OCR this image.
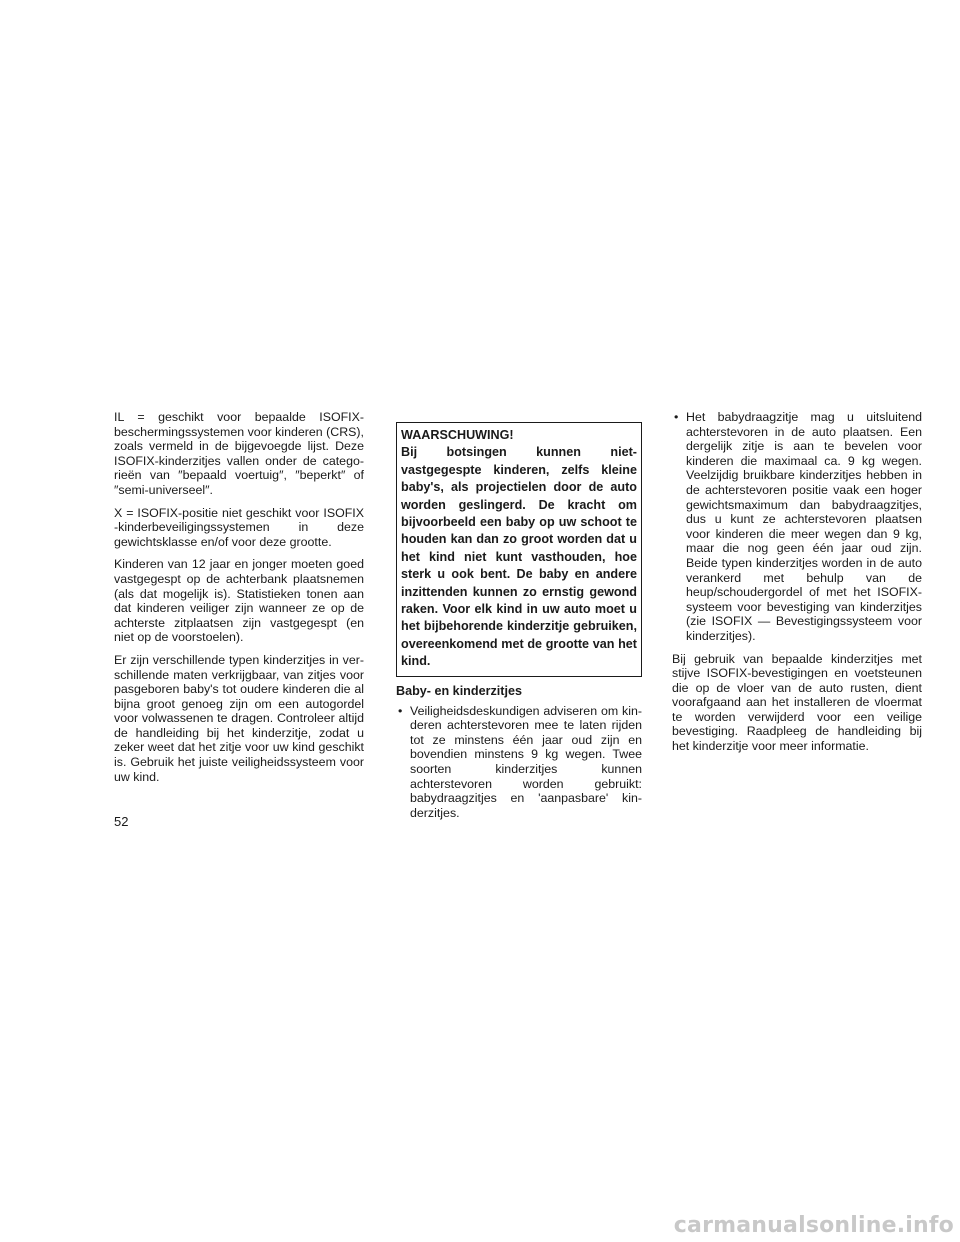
IL = geschikt voor bepaalde ISOFIX-beschermingssystemen voor kinderen (CRS), zoals vermeld in de bijgevoegde lijst. Deze ISOFIX-kinderzitjes vallen onder de categorieën van ″bepaald voertuig″, ″beperkt″ of ″semi-universeel″.

X = ISOFIX-positie niet geschikt voor ISOFIX -kinderbeveiligingssystemen in deze gewichtsklasse en/of voor deze grootte.

Kinderen van 12 jaar en jonger moeten goed vastgegespt op de achterbank plaatsnemen (als dat mogelijk is). Statistieken tonen aan dat kinderen veiliger zijn wanneer ze op de achterste zitplaatsen zijn vastgegespt (en niet op de voorstoelen).

Er zijn verschillende typen kinderzitjes in verschillende maten verkrijgbaar, van zitjes voor pasgeboren baby's tot oudere kinderen die al bijna groot genoeg zijn om een autogordel voor volwassenen te dragen. Controleer altijd de handleiding bij het kinderzitje, zodat u zeker weet dat het zitje voor uw kind geschikt is. Gebruik het juiste veiligheidssysteem voor uw kind.

WAARSCHUWING!
Bij botsingen kunnen niet-vastgegespte kinderen, zelfs kleine baby's, als projectielen door de auto worden geslingerd. De kracht om bijvoorbeeld een baby op uw schoot te houden kan dan zo groot worden dat u het kind niet kunt vasthouden, hoe sterk u ook bent. De baby en andere inzittenden kunnen zo ernstig gewond raken. Voor elk kind in uw auto moet u het bijbehorende kinderzitje gebruiken, overeenkomend met de grootte van het kind.
Baby- en kinderzitjes
• Veiligheidsdeskundigen adviseren om kinderen achterstevoren mee te laten rijden tot ze minstens één jaar oud zijn en bovendien minstens 9 kg wegen. Twee soorten kinderzitjes kunnen achterstevoren worden gebruikt: babydraagzitjes en 'aanpasbare' kinderzitjes.
• Het babydraagzitje mag u uitsluitend achterstevoren in de auto plaatsen. Een dergelijk zitje is aan te bevelen voor kinderen die maximaal ca. 9 kg wegen. Veelzijdig bruikbare kinderzitjes hebben in de achterstevoren positie vaak een hoger gewichtsmaximum dan babydraagzitjes, dus u kunt ze achterstevoren plaatsen voor kinderen die meer wegen dan 9 kg, maar die nog geen één jaar oud zijn. Beide typen kinderzitjes worden in de auto verankerd met behulp van de heup/schoudergordel of met het ISOFIX-systeem voor bevestiging van kinderzitjes (zie ISOFIX — Bevestigingssysteem voor kinderzitjes).

Bij gebruik van bepaalde kinderzitjes met stijve ISOFIX-bevestigingen en voetsteunen die op de vloer van de auto rusten, dient voorafgaand aan het installeren de vloermat te worden verwijderd voor een veilige bevestiging. Raadpleeg de handleiding bij het kinderzitje voor meer informatie.

52
carmanualsonline.info
